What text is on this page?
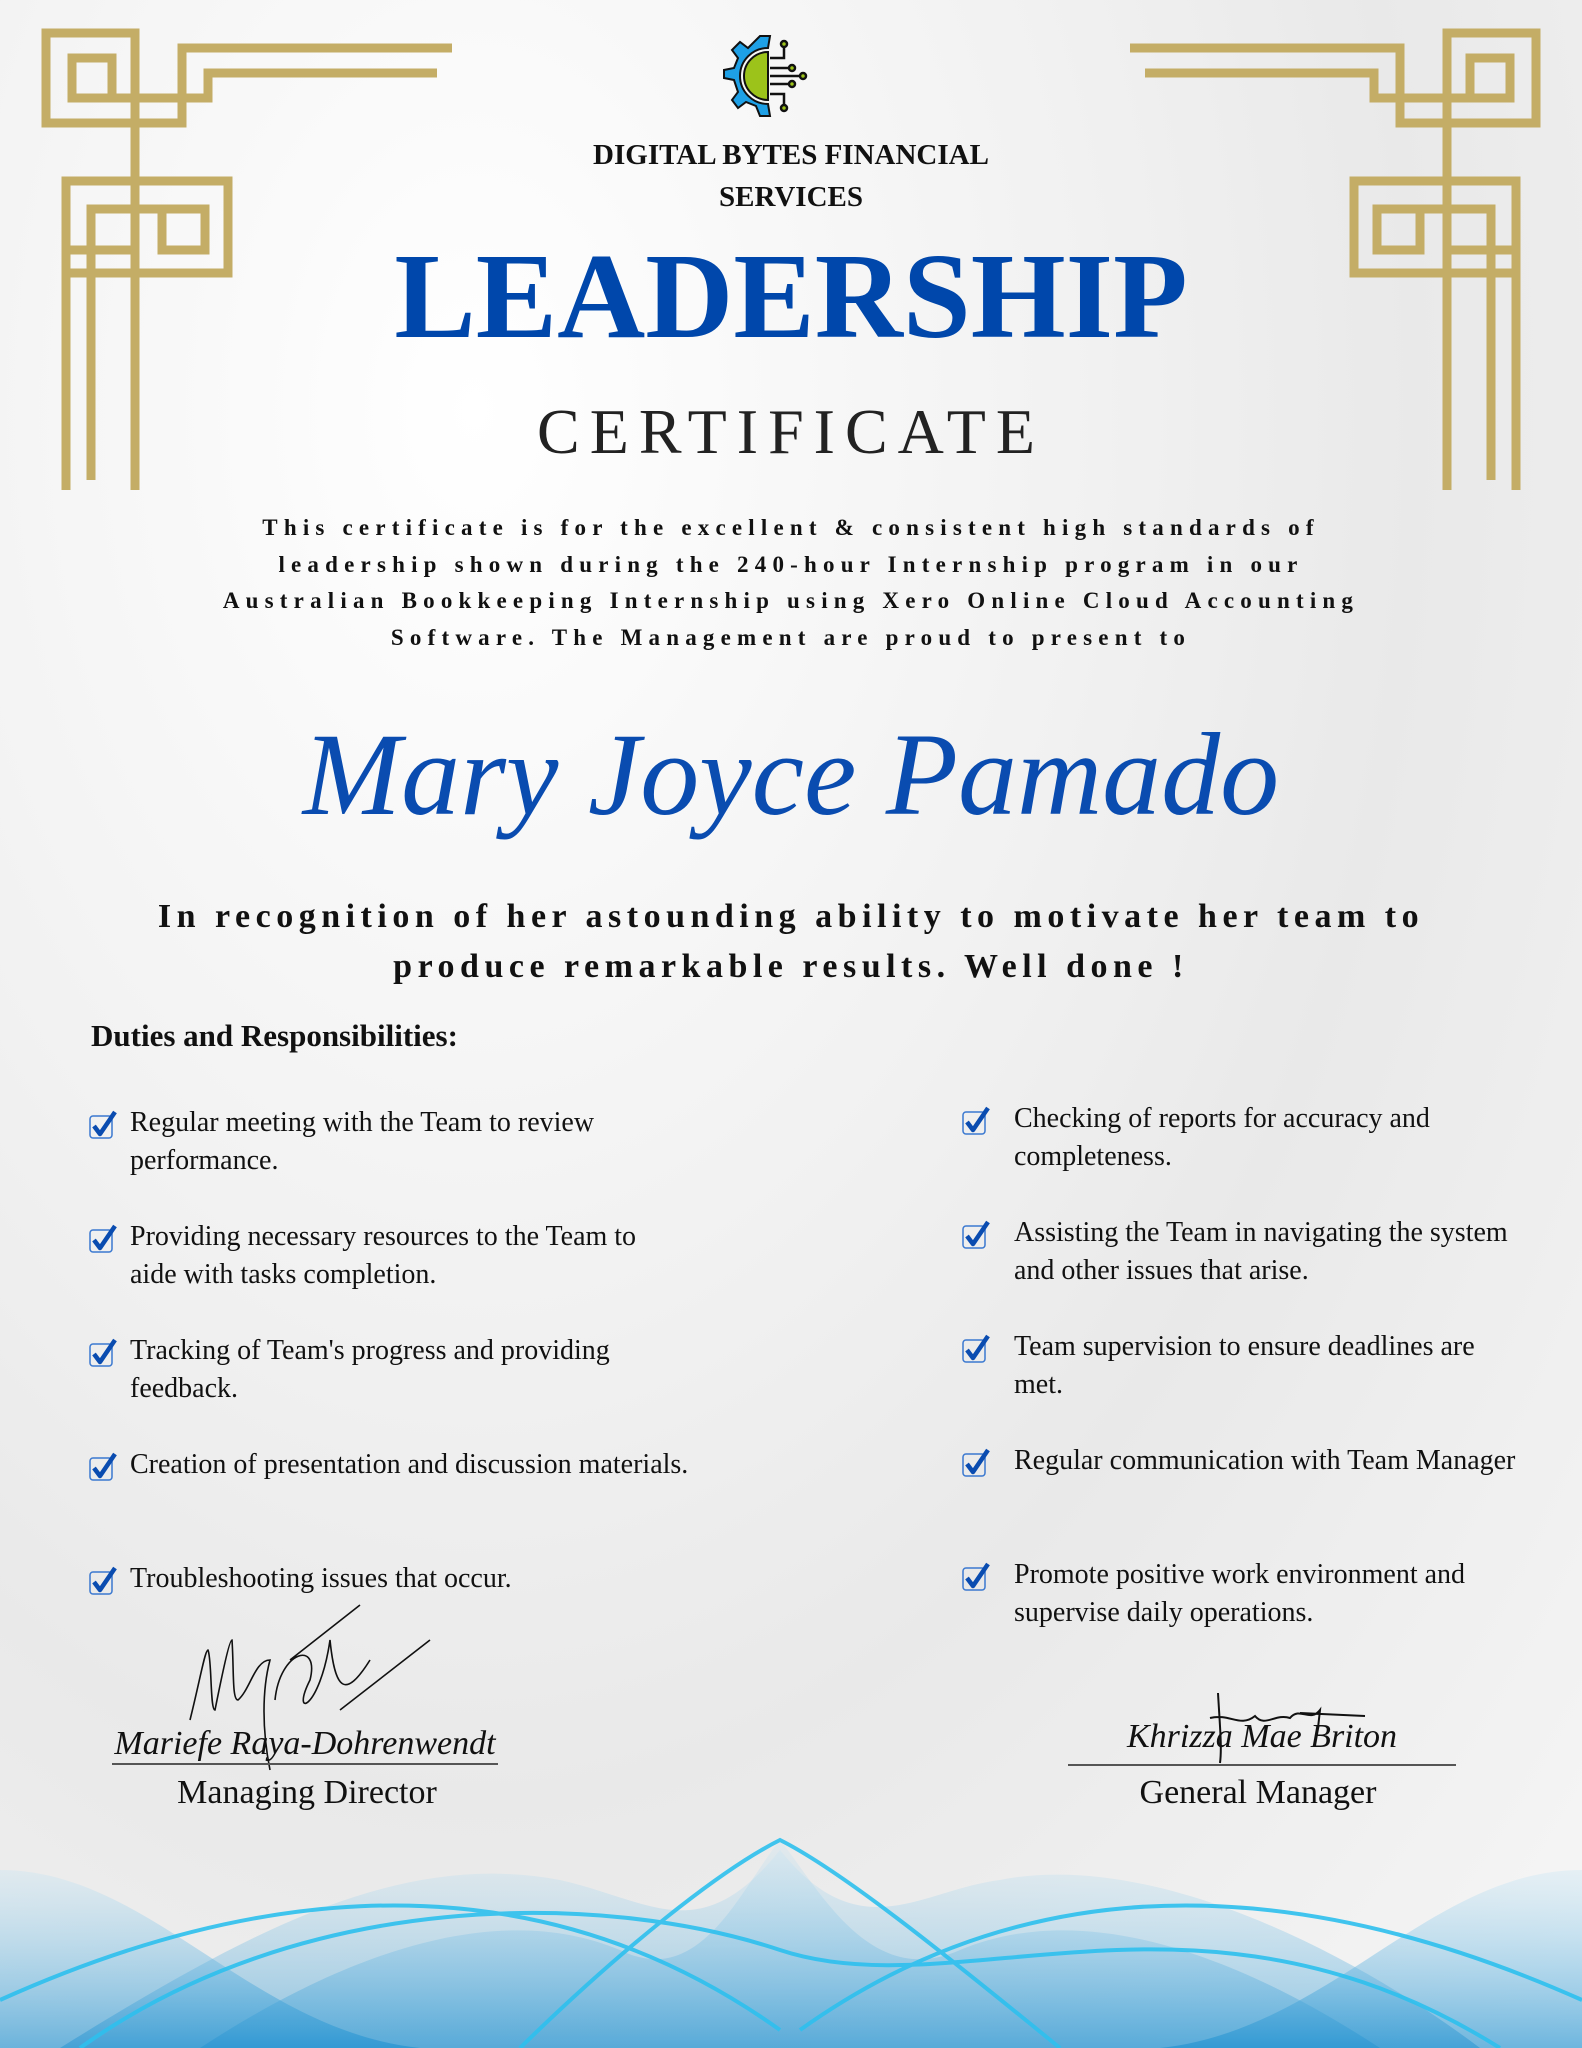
DIGITAL BYTES FINANCIAL
SERVICES
LEADERSHIP
CERTIFICATE
This certificate is for the excellent & consistent high standards of leadership shown during the 240-hour Internship program in our Australian Bookkeeping Internship using Xero Online Cloud Accounting Software. The Management are proud to present to
Mary Joyce Pamado
In recognition of her astounding ability to motivate her team to produce remarkable results. Well done !
Duties and Responsibilities:
Regular meeting with the Team to review performance.
Providing necessary resources to the Team to aide with tasks completion.
Tracking of Team's progress and providing feedback.
Creation of presentation and discussion materials.
Troubleshooting issues that occur.
Checking of reports for accuracy and completeness.
Assisting the Team in navigating the system and other issues that arise.
Team supervision to ensure deadlines are met.
Regular communication with Team Manager
Promote positive work environment and supervise daily operations.
Mariefe Raya-Dohrenwendt
Managing Director
Khrizza Mae Briton
General Manager
